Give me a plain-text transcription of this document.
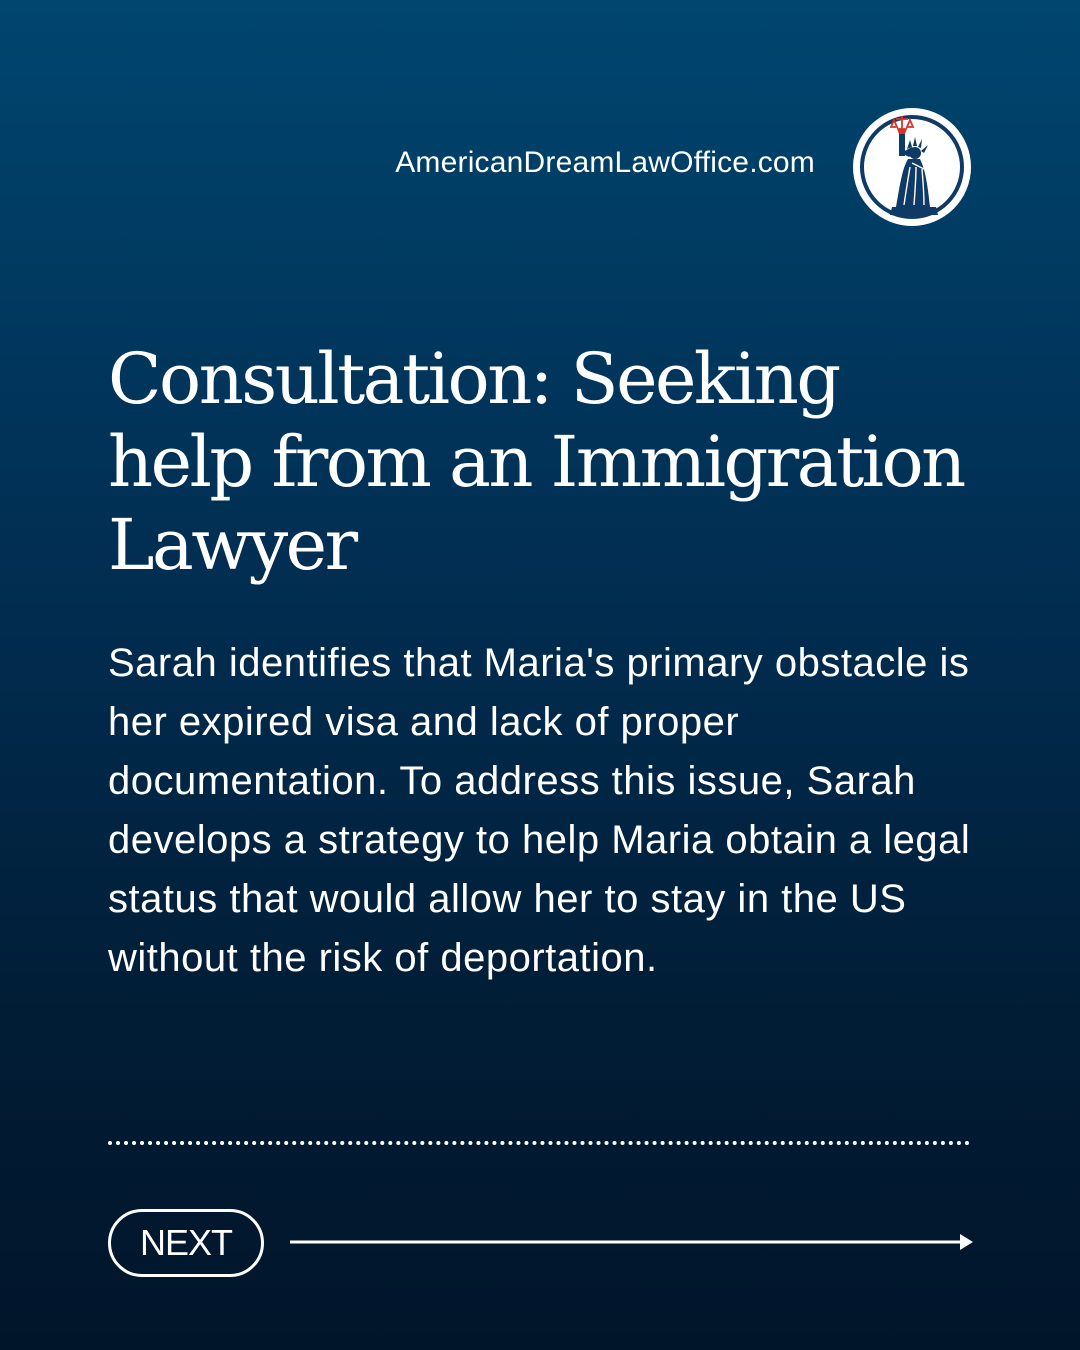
AmericanDreamLawOffice.com
Consultation: Seeking help from an Immigration Lawyer

Sarah identifies that Maria's primary obstacle is her expired visa and lack of proper documentation. To address this issue, Sarah develops a strategy to help Maria obtain a legal status that would allow her to stay in the US without the risk of deportation.

NEXT
